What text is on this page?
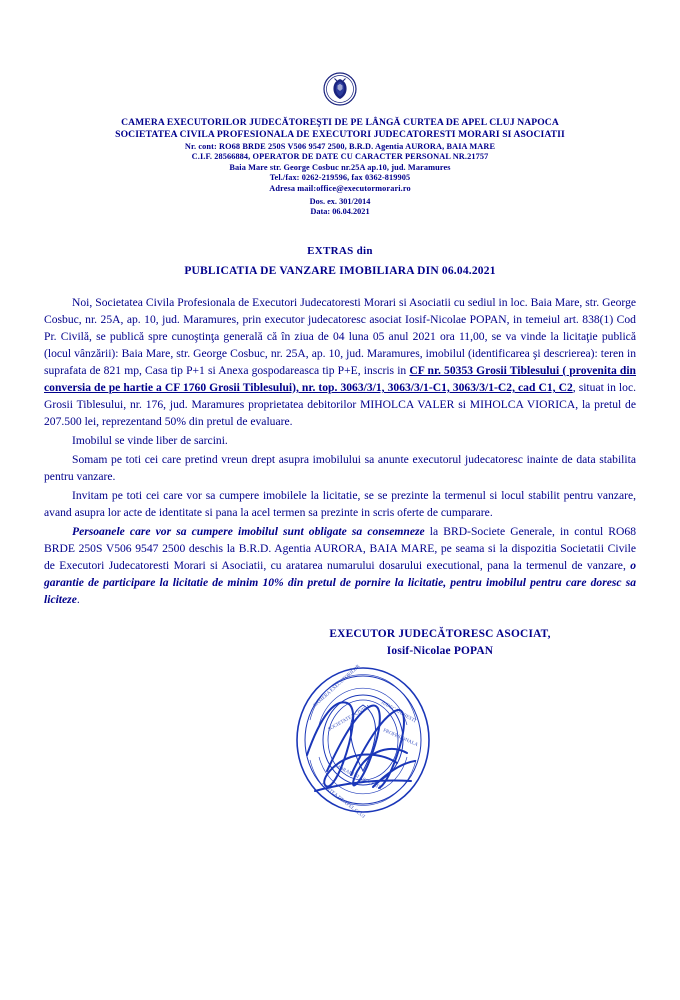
CAMERA EXECUTORILOR JUDECĂTOREŞTI DE PE LÂNGĂ CURTEA DE APEL CLUJ NAPOCA
SOCIETATEA CIVILA PROFESIONALA DE EXECUTORI JUDECATORESTI MORARI SI ASOCIATII
Nr. cont: RO68 BRDE 250S V506 9547 2500, B.R.D. Agentia AURORA, BAIA MARE
C.I.F. 28566884, OPERATOR DE DATE CU CARACTER PERSONAL NR.21757
Baia Mare str. George Cosbuc nr.25A ap.10, jud. Maramures
Tel./fax: 0262-219596, fax 0362-819905
Adresa mail:office@executormorari.ro
Dos. ex. 301/2014
Data: 06.04.2021
EXTRAS din
PUBLICATIA DE VANZARE IMOBILIARA DIN 06.04.2021
Noi, Societatea Civila Profesionala de Executori Judecatoresti Morari si Asociatii cu sediul in loc. Baia Mare, str. George Cosbuc, nr. 25A, ap. 10, jud. Maramures, prin executor judecatoresc asociat Iosif-Nicolae POPAN, in temeiul art. 838(1) Cod Pr. Civilă, se publică spre cunoştinţa generală că în ziua de 04 luna 05 anul 2021 ora 11,00, se va vinde la licitaţie publică (locul vânzării): Baia Mare, str. George Cosbuc, nr. 25A, ap. 10, jud. Maramures, imobilul (identificarea şi descrierea): teren in suprafata de 821 mp, Casa tip P+1 si Anexa gospodareasca tip P+E, inscris in CF nr. 50353 Grosii Tiblesului ( provenita din conversia de pe hartie a CF 1760 Grosii Tiblesului), nr. top. 3063/3/1, 3063/3/1-C1, 3063/3/1-C2, cad C1, C2, situat in loc. Grosii Tiblesului, nr. 176, jud. Maramures proprietatea debitorilor MIHOLCA VALER si MIHOLCA VIORICA, la pretul de 207.500 lei, reprezentand 50% din pretul de evaluare.
Imobilul se vinde liber de sarcini.
Somam pe toti cei care pretind vreun drept asupra imobilului sa anunte executorul judecatoresc inainte de data stabilita pentru vanzare.
Invitam pe toti cei care vor sa cumpere imobilele la licitatie, se se prezinte la termenul si locul stabilit pentru vanzare, avand asupra lor acte de identitate si pana la acel termen sa prezinte in scris oferte de cumparare.
Persoanele care vor sa cumpere imobilul sunt obligate sa consemneze la BRD-Societe Generale, in contul RO68 BRDE 250S V506 9547 2500 deschis la B.R.D. Agentia AURORA, BAIA MARE, pe seama si la dispozitia Societatii Civile de Executori Judecatoresti Morari si Asociatii, cu aratarea numarului dosarului executional, pana la termenul de vanzare, o garantie de participare la licitatie de minim 10% din pretul de pornire la licitatie, pentru imobilul pentru care doresc sa liciteze.
EXECUTOR JUDECĂTORESC ASOCIAT,
Iosif-Nicolae POPAN
CAMERA EXECUTORILOR
JUDECATORESTI
CURTEA DE APEL CLUJ
SOCIETATEA CIVILA
PROFESIONALA
MORARI SI ASOCIATII
